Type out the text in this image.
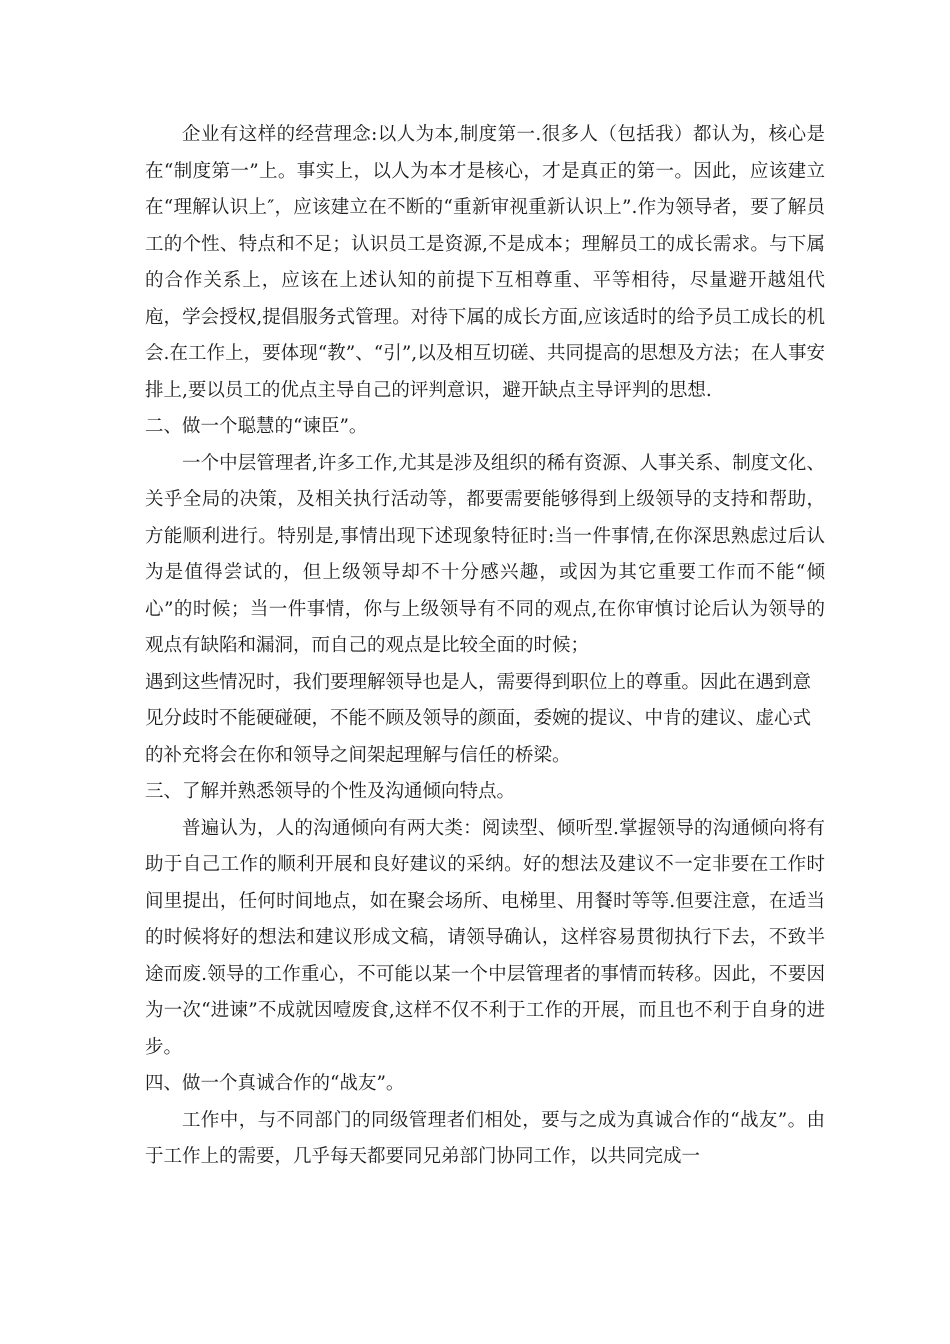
企业有这样的经营理念:以人为本,制度第一.很多人（包括我）都认为，核心是在“制度第一”上。事实上，以人为本才是核心，才是真正的第一。因此，应该建立在“理解认识上″，应该建立在不断的“重新审视重新认识上”.作为领导者，要了解员工的个性、特点和不足；认识员工是资源,不是成本；理解员工的成长需求。与下属的合作关系上，应该在上述认知的前提下互相尊重、平等相待，尽量避开越俎代庖，学会授权,提倡服务式管理。对待下属的成长方面,应该适时的给予员工成长的机会.在工作上，要体现“教”、“引”,以及相互切磋、共同提高的思想及方法；在人事安排上,要以员工的优点主导自己的评判意识，避开缺点主导评判的思想.

二、做一个聪慧的“谏臣”。

一个中层管理者,许多工作,尤其是涉及组织的稀有资源、人事关系、制度文化、关乎全局的决策，及相关执行活动等，都要需要能够得到上级领导的支持和帮助，方能顺利进行。特别是,事情出现下述现象特征时:当一件事情,在你深思熟虑过后认为是值得尝试的，但上级领导却不十分感兴趣，或因为其它重要工作而不能“倾心”的时候；当一件事情，你与上级领导有不同的观点,在你审慎讨论后认为领导的观点有缺陷和漏洞，而自己的观点是比较全面的时候；

遇到这些情况时，我们要理解领导也是人，需要得到职位上的尊重。因此在遇到意见分歧时不能硬碰硬，不能不顾及领导的颜面，委婉的提议、中肯的建议、虚心式的补充将会在你和领导之间架起理解与信任的桥梁。

三、了解并熟悉领导的个性及沟通倾向特点。

普遍认为，人的沟通倾向有两大类：阅读型、倾听型.掌握领导的沟通倾向将有助于自己工作的顺利开展和良好建议的采纳。好的想法及建议不一定非要在工作时间里提出，任何时间地点，如在聚会场所、电梯里、用餐时等等.但要注意，在适当的时候将好的想法和建议形成文稿，请领导确认，这样容易贯彻执行下去，不致半途而废.领导的工作重心，不可能以某一个中层管理者的事情而转移。因此，不要因为一次“进谏”不成就因噎废食,这样不仅不利于工作的开展，而且也不利于自身的进步。

四、做一个真诚合作的“战友”。

工作中，与不同部门的同级管理者们相处，要与之成为真诚合作的“战友”。由于工作上的需要，几乎每天都要同兄弟部门协同工作，以共同完成一
